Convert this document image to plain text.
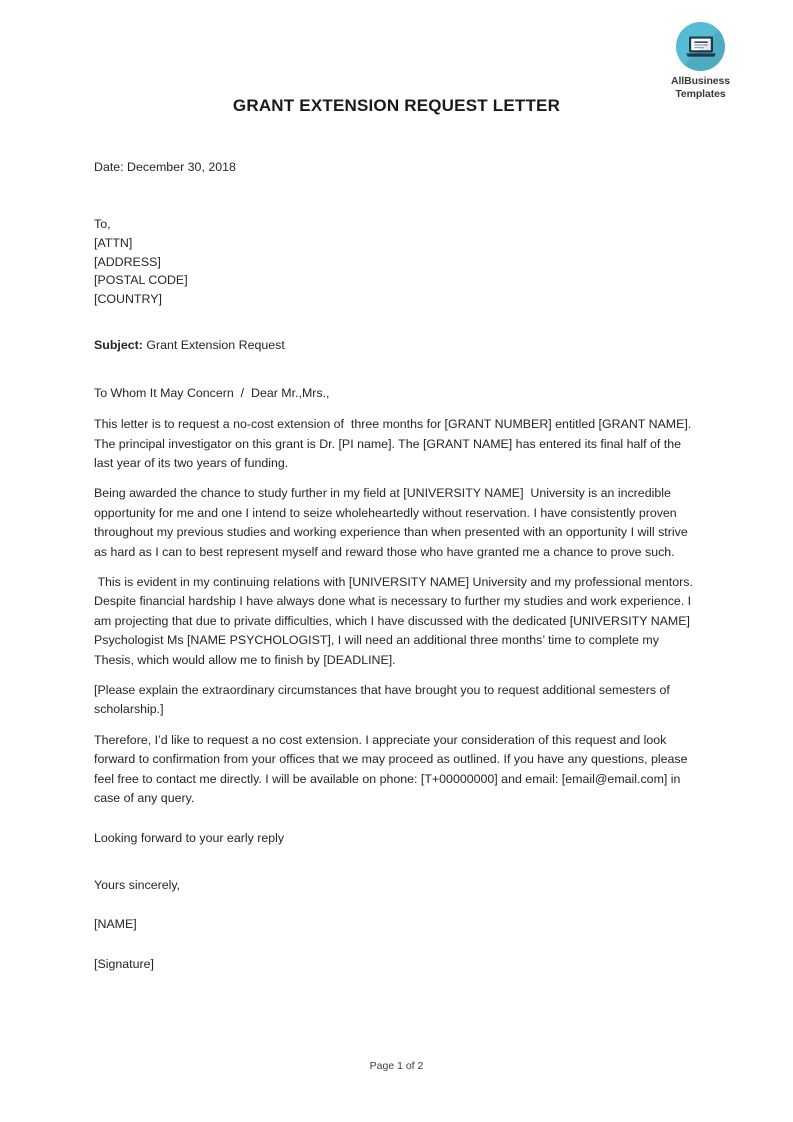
AllBusiness
Templates
GRANT EXTENSION REQUEST LETTER
Date: December 30, 2018
To,
[ATTN]
[ADDRESS]
[POSTAL CODE]
[COUNTRY]
Subject: Grant Extension Request
To Whom It May Concern  /  Dear Mr.,Mrs.,

This letter is to request a no-cost extension of  three months for [GRANT NUMBER] entitled [GRANT NAME].  The principal investigator on this grant is Dr. [PI name]. The [GRANT NAME] has entered its final half of the last year of its two years of funding.

Being awarded the chance to study further in my field at [UNIVERSITY NAME]  University is an incredible opportunity for me and one I intend to seize wholeheartedly without reservation. I have consistently proven throughout my previous studies and working experience than when presented with an opportunity I will strive as hard as I can to best represent myself and reward those who have granted me a chance to prove such.

This is evident in my continuing relations with [UNIVERSITY NAME] University and my professional mentors. Despite financial hardship I have always done what is necessary to further my studies and work experience. I am projecting that due to private difficulties, which I have discussed with the dedicated [UNIVERSITY NAME] Psychologist Ms [NAME PSYCHOLOGIST], I will need an additional three months’ time to complete my Thesis, which would allow me to finish by [DEADLINE].

[Please explain the extraordinary circumstances that have brought you to request additional semesters of scholarship.]

Therefore, I’d like to request a no cost extension. I appreciate your consideration of this request and look forward to confirmation from your offices that we may proceed as outlined. If you have any questions, please feel free to contact me directly. I will be available on phone: [T+00000000] and email: [email@email.com] in case of any query.

Looking forward to your early reply
Yours sincerely,
[NAME]
[Signature]
Page 1 of 2
